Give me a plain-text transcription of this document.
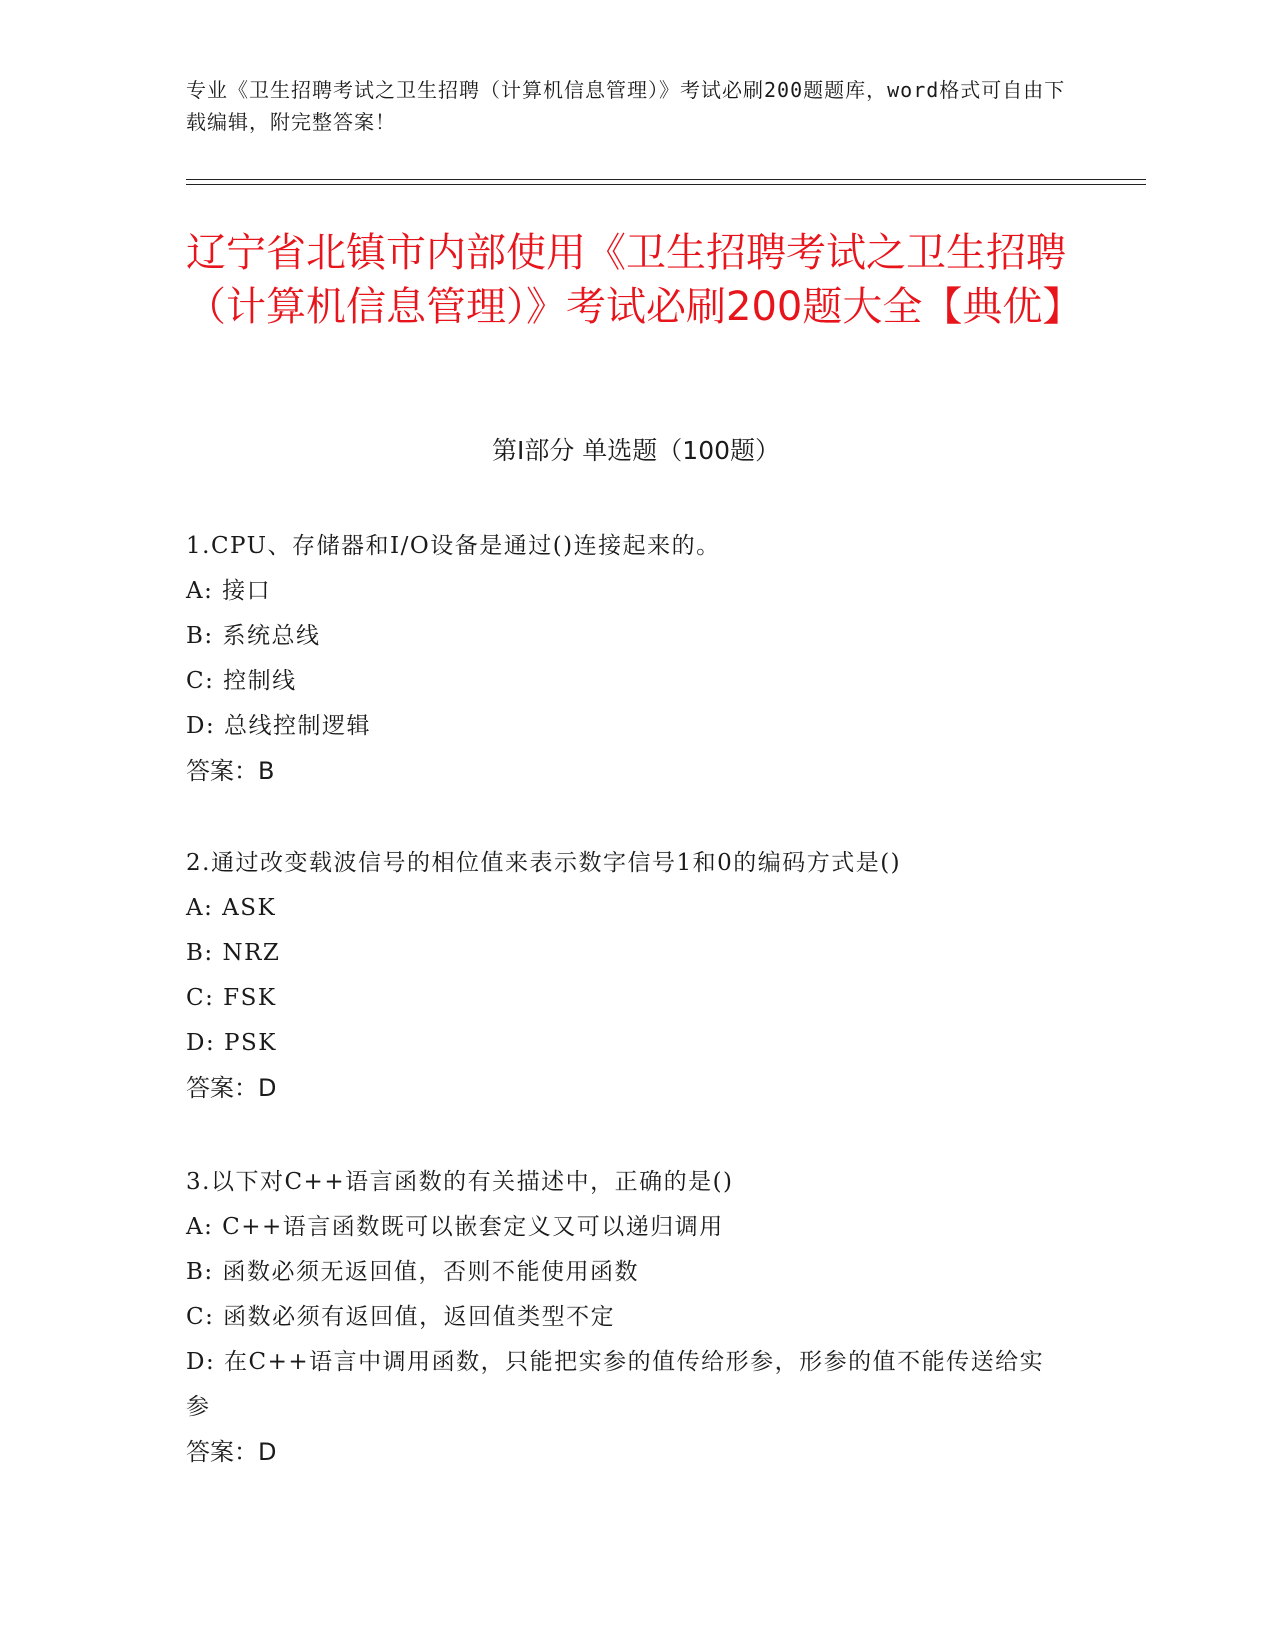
专业《卫生招聘考试之卫生招聘（计算机信息管理）》考试必刷200题题库，word格式可自由下载编辑，附完整答案！
辽宁省北镇市内部使用《卫生招聘考试之卫生招聘（计算机信息管理）》考试必刷200题大全【典优】
第I部分 单选题（100题）

1.CPU、存储器和I/O设备是通过()连接起来的。

A: 接口

B: 系统总线

C: 控制线

D: 总线控制逻辑

答案：B

2.通过改变载波信号的相位值来表示数字信号1和0的编码方式是()

A: ASK

B: NRZ

C: FSK

D: PSK

答案：D

3.以下对C++语言函数的有关描述中，正确的是()

A: C++语言函数既可以嵌套定义又可以递归调用

B: 函数必须无返回值，否则不能使用函数

C: 函数必须有返回值，返回值类型不定

D: 在C++语言中调用函数，只能把实参的值传给形参，形参的值不能传送给实参

答案：D
